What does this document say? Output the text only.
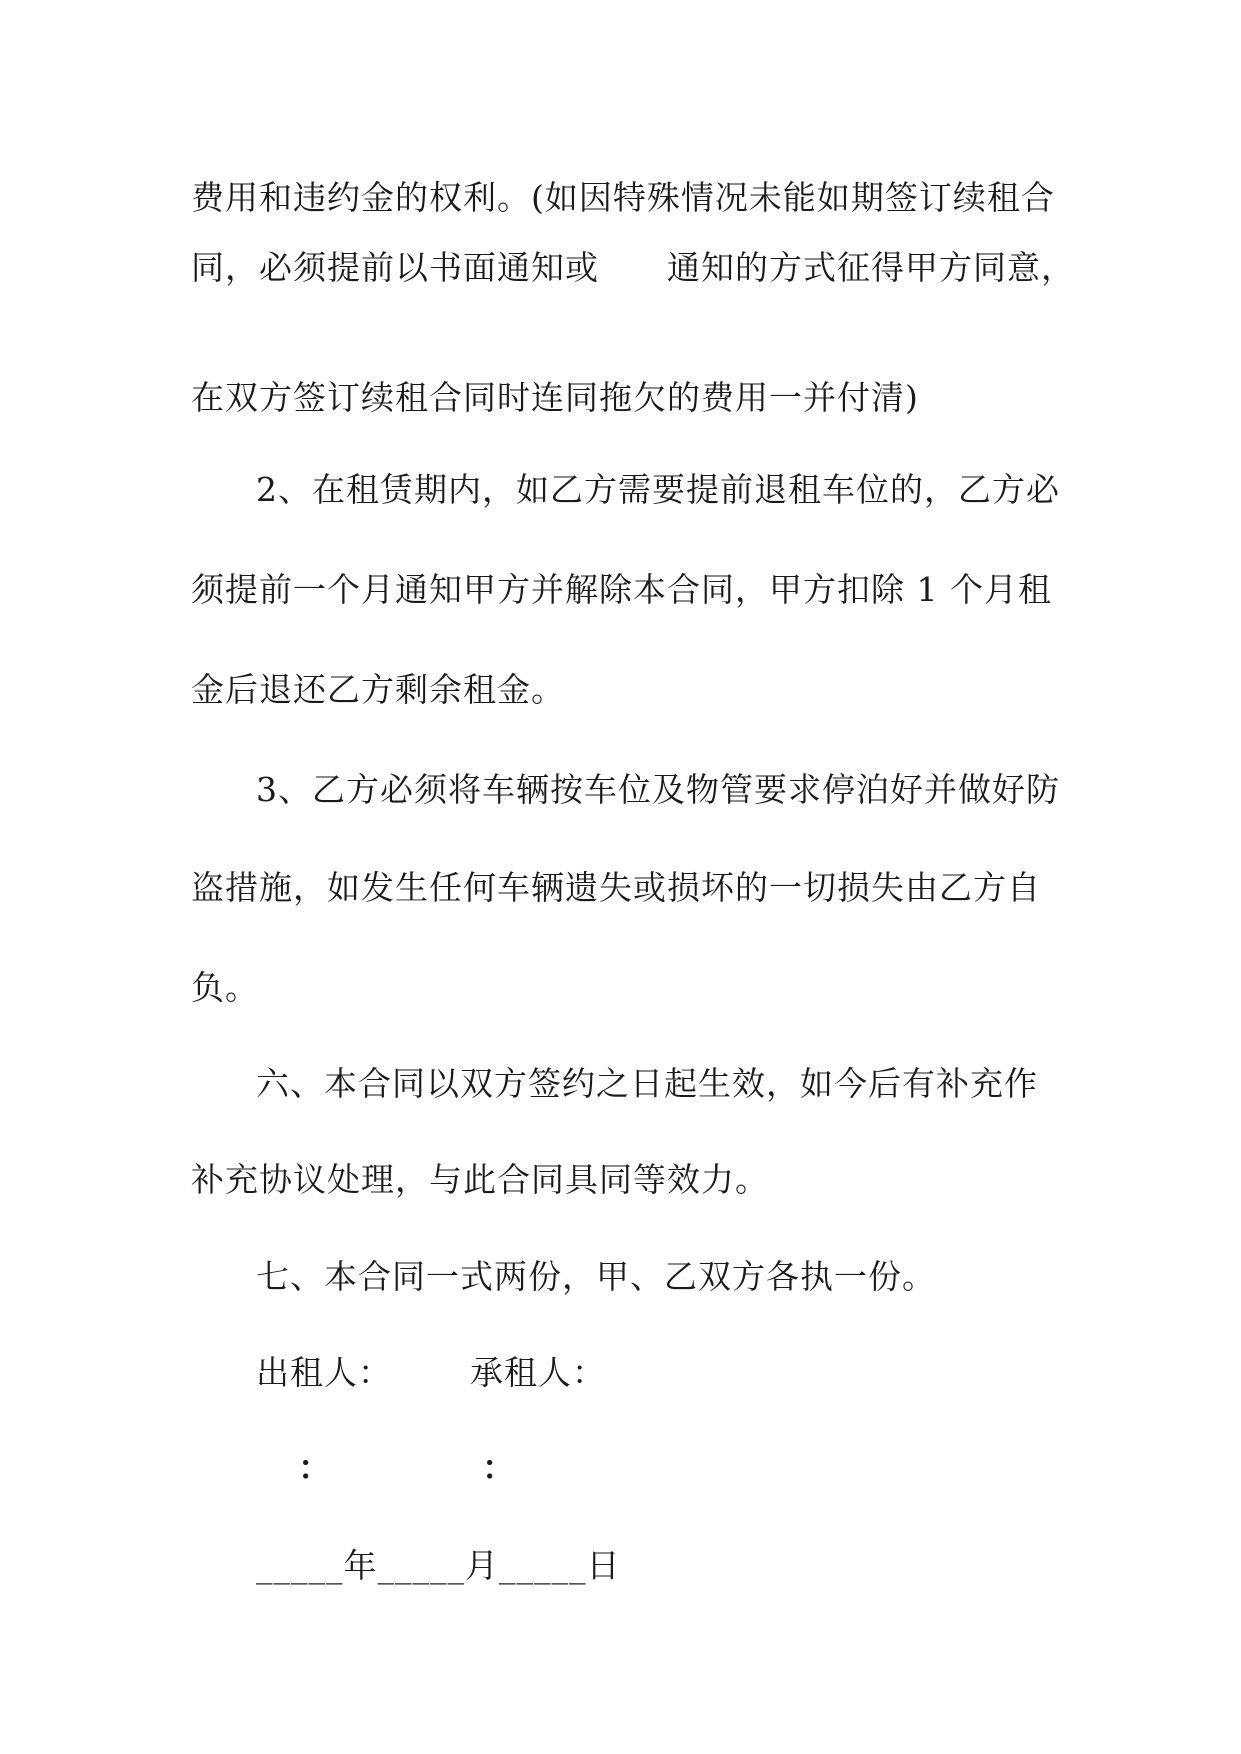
费用和违约金的权利。(如因特殊情况未能如期签订续租合
同，必须提前以书面通知或　　通知的方式征得甲方同意，
在双方签订续租合同时连同拖欠的费用一并付清)
2、在租赁期内，如乙方需要提前退租车位的，乙方必
须提前一个月通知甲方并解除本合同，甲方扣除 1 个月租
金后退还乙方剩余租金。
3、乙方必须将车辆按车位及物管要求停泊好并做好防
盗措施，如发生任何车辆遗失或损坏的一切损失由乙方自
负。
六、本合同以双方签约之日起生效，如今后有补充作
补充协议处理，与此合同具同等效力。
七、本合同一式两份，甲、乙双方各执一份。
出租人： 承租人：
：	：
_____年_____月_____日
